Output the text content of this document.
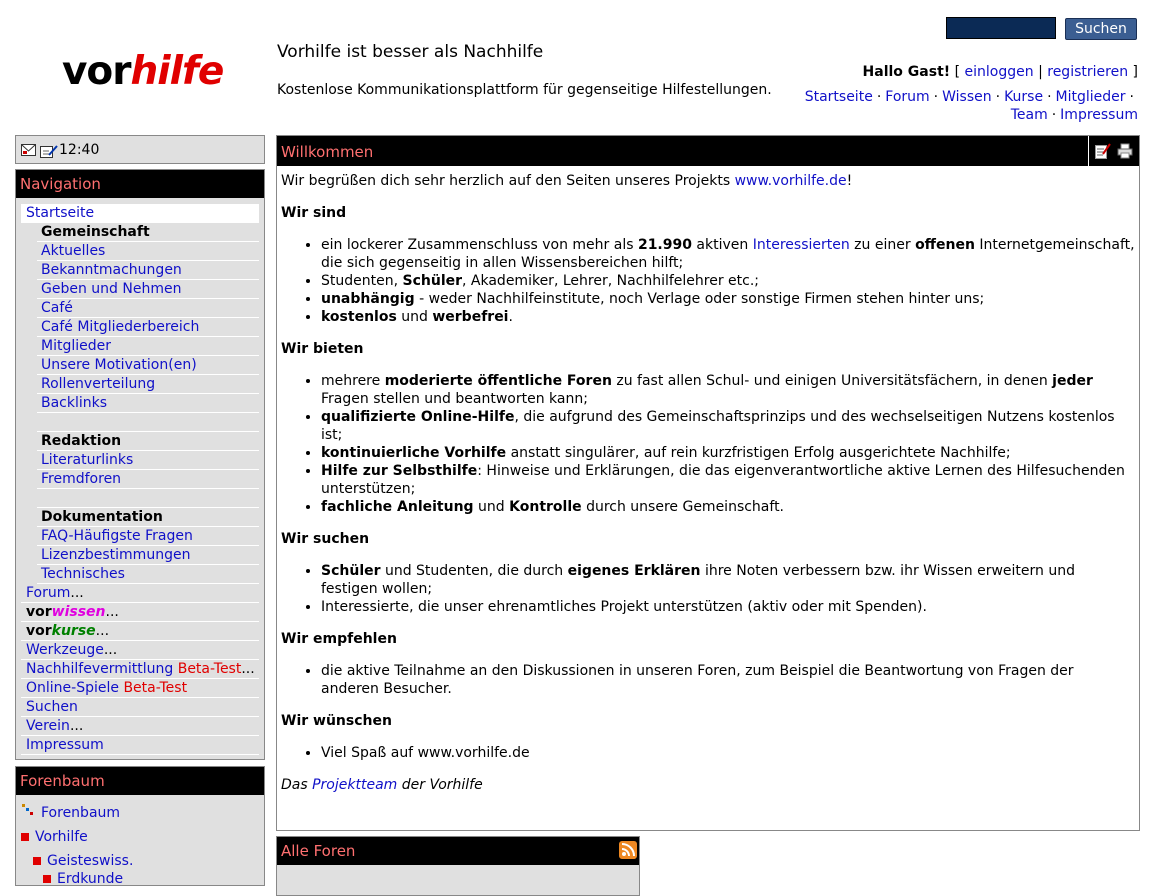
vorhilfe	Vorhilfe ist besser als Nachhilfe
Kostenlose Kommunikationsplattform für gegenseitige Hilfestellungen.
Suchen
Hallo Gast! [ einloggen | registrieren ]
Startseite · Forum · Wissen · Kurse · Mitglieder ·
Team · Impressum
12:40
Navigation
Startseite
Gemeinschaft
Aktuelles
Bekanntmachungen
Geben und Nehmen
Café
Café Mitgliederbereich
Mitglieder
Unsere Motivation(en)
Rollenverteilung
Backlinks
Redaktion
Literaturlinks
Fremdforen
Dokumentation
FAQ-Häufigste Fragen
Lizenzbestimmungen
Technisches
Forum...
vorwissen...
vorkurse...
Werkzeuge...
Nachhilfevermittlung Beta-Test...
Online-Spiele Beta-Test
Suchen
Verein...
Impressum
Forenbaum
Forenbaum
Vorhilfe
Geisteswiss.
Erdkunde
Willkommen
Wir begrüßen dich sehr herzlich auf den Seiten unseres Projekts www.vorhilfe.de!
Wir sind
• ein lockerer Zusammenschluss von mehr als 21.990 aktiven Interessierten zu einer offenen Internetgemeinschaft, die sich gegenseitig in allen Wissensbereichen hilft;
• Studenten, Schüler, Akademiker, Lehrer, Nachhilfelehrer etc.;
• unabhängig - weder Nachhilfeinstitute, noch Verlage oder sonstige Firmen stehen hinter uns;
• kostenlos und werbefrei.
Wir bieten
• mehrere moderierte öffentliche Foren zu fast allen Schul- und einigen Universitätsfächern, in denen jeder Fragen stellen und beantworten kann;
• qualifizierte Online-Hilfe, die aufgrund des Gemeinschaftsprinzips und des wechselseitigen Nutzens kostenlos ist;
• kontinuierliche Vorhilfe anstatt singulärer, auf rein kurzfristigen Erfolg ausgerichtete Nachhilfe;
• Hilfe zur Selbsthilfe: Hinweise und Erklärungen, die das eigenverantwortliche aktive Lernen des Hilfesuchenden unterstützen;
• fachliche Anleitung und Kontrolle durch unsere Gemeinschaft.
Wir suchen
• Schüler und Studenten, die durch eigenes Erklären ihre Noten verbessern bzw. ihr Wissen erweitern und festigen wollen;
• Interessierte, die unser ehrenamtliches Projekt unterstützen (aktiv oder mit Spenden).
Wir empfehlen
• die aktive Teilnahme an den Diskussionen in unseren Foren, zum Beispiel die Beantwortung von Fragen der anderen Besucher.
Wir wünschen
• Viel Spaß auf www.vorhilfe.de
Das Projektteam der Vorhilfe
Alle Foren
